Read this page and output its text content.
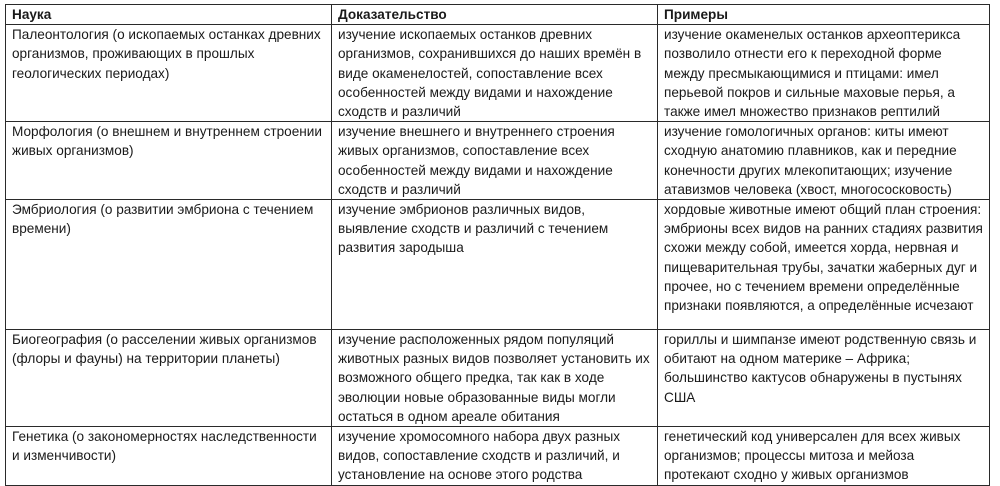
Наука	Доказательство	Примеры
Палеонтология (о ископаемых останках древних организмов, проживающих в прошлых геологических периодах)	изучение ископаемых останков древних организмов, сохранившихся до наших времён в виде окаменелостей, сопоставление всех особенностей между видами и нахождение сходств и различий	изучение окаменелых останков археоптерикса позволило отнести его к переходной форме между пресмыкающимися и птицами: имел перьевой покров и сильные маховые перья, а также имел множество признаков рептилий
Морфология (о внешнем и внутреннем строении живых организмов)	изучение внешнего и внутреннего строения живых организмов, сопоставление всех особенностей между видами и нахождение сходств и различий	изучение гомологичных органов: киты имеют сходную анатомию плавников, как и передние конечности других млекопитающих; изучение атавизмов человека (хвост, многососковость)
Эмбриология (о развитии эмбриона с течением времени)	изучение эмбрионов различных видов, выявление сходств и различий с течением развития зародыша	хордовые животные имеют общий план строения: эмбрионы всех видов на ранних стадиях развития схожи между собой, имеется хорда, нервная и пищеварительная трубы, зачатки жаберных дуг и прочее, но с течением времени определённые признаки появляются, а определённые исчезают
Биогеография (о расселении живых организмов (флоры и фауны) на территории планеты)	изучение расположенных рядом популяций животных разных видов позволяет установить их возможного общего предка, так как в ходе эволюции новые образованные виды могли остаться в одном ареале обитания	гориллы и шимпанзе имеют родственную связь и обитают на одном материке – Африка; большинство кактусов обнаружены в пустынях США
Генетика (о закономерностях наследственности и изменчивости)	изучение хромосомного набора двух разных видов, сопоставление сходств и различий, и установление на основе этого родства	генетический код универсален для всех живых организмов; процессы митоза и мейоза протекают сходно у живых организмов
